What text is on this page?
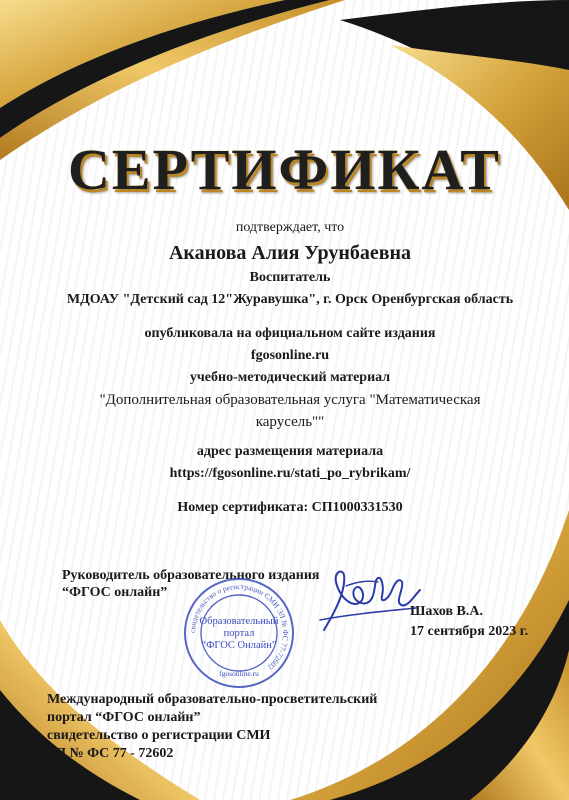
СЕРТИФИКАТ
подтверждает, что
Аканова Алия Урунбаевна
Воспитатель
МДОАУ "Детский сад 12"Журавушка", г. Орск Оренбургская область
опубликовала на официальном сайте издания
fgosonline.ru
учебно-методический материал
"Дополнительная образовательная услуга "Математическая
карусель""
адрес размещения материала
https://fgosonline.ru/stati_po_rybrikam/
Номер сертификата: СП1000331530
Руководитель образовательного издания
“ФГОС онлайн”
свидетельство о регистрации СМИ ЭЛ № ФС 77-72602
Образовательный
портал
“ФГОС Онлайн”
fgosonline.ru
Шахов В.А.
17 сентября 2023 г.
Международный образовательно-просветительский
портал “ФГОС онлайн”
свидетельство о регистрации СМИ
ЭЛ № ФС 77 - 72602
